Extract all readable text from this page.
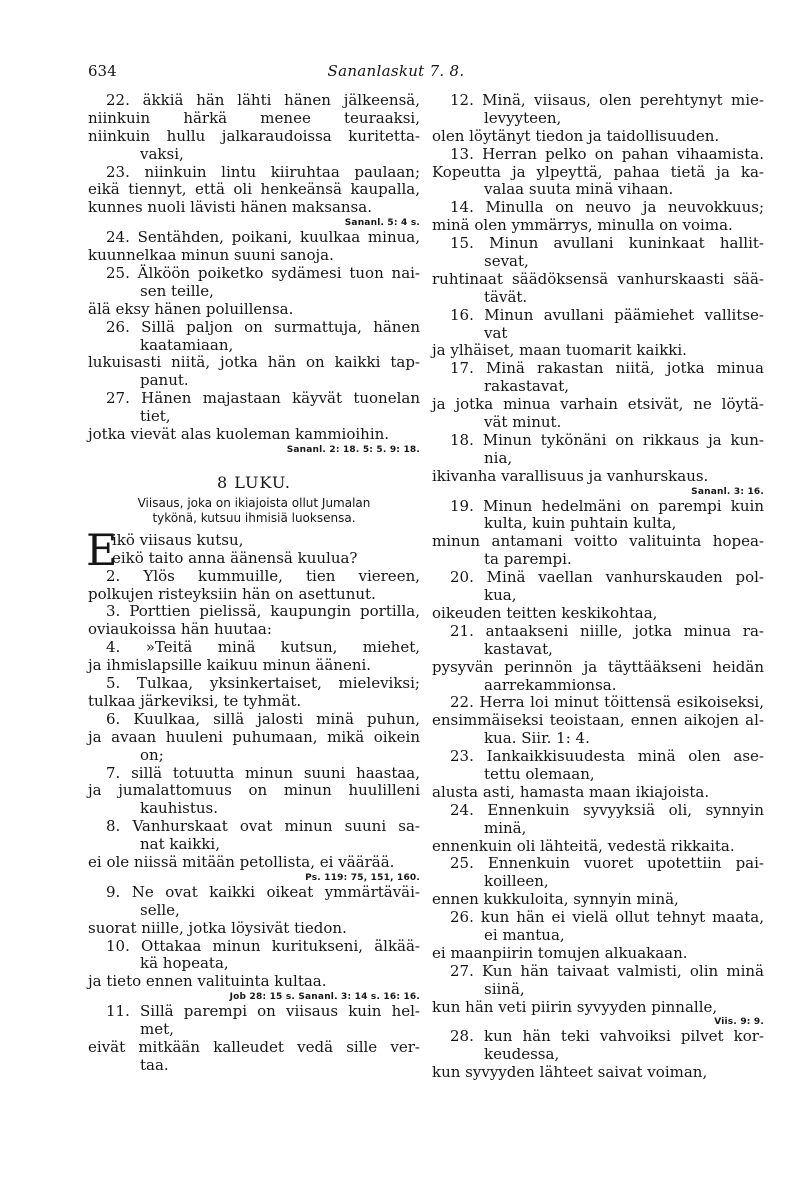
634	Sananlaskut 7. 8.
22. äkkiä hän lähti hänen jälkeensä,
niinkuin härkä menee teuraaksi,
niinkuin hullu jalkaraudoissa kuritetta-
vaksi,
23. niinkuin lintu kiiruhtaa paulaan;
eikä tiennyt, että oli henkeänsä kaupalla,
kunnes nuoli lävisti hänen maksansa.
Sananl. 5: 4 s.
24. Sentähden, poikani, kuulkaa minua,
kuunnelkaa minun suuni sanoja.
25. Älköön poiketko sydämesi tuon nai-
sen teille,
älä eksy hänen poluillensa.
26. Sillä paljon on surmattuja, hänen
kaatamiaan,
lukuisasti niitä, jotka hän on kaikki tap-
panut.
27. Hänen majastaan käyvät tuonelan
tiet,
jotka vievät alas kuoleman kammioihin.
Sananl. 2: 18. 5: 5. 9: 18.
8 LUKU.
Viisaus, joka on ikiajoista ollut Jumalan
tykönä, kutsuu ihmisiä luoksensa.
E
ikö viisaus kutsu,
eikö taito anna äänensä kuulua?
2. Ylös kummuille, tien viereen,
polkujen risteyksiin hän on asettunut.
3. Porttien pielissä, kaupungin portilla,
oviaukoissa hän huutaa:
4. »Teitä minä kutsun, miehet,
ja ihmislapsille kaikuu minun ääneni.
5. Tulkaa, yksinkertaiset, mieleviksi;
tulkaa järkeviksi, te tyhmät.
6. Kuulkaa, sillä jalosti minä puhun,
ja avaan huuleni puhumaan, mikä oikein
on;
7. sillä totuutta minun suuni haastaa,
ja jumalattomuus on minun huulilleni
kauhistus.
8. Vanhurskaat ovat minun suuni sa-
nat kaikki,
ei ole niissä mitään petollista, ei väärää.
Ps. 119: 75, 151, 160.
9. Ne ovat kaikki oikeat ymmärtäväi-
selle,
suorat niille, jotka löysivät tiedon.
10. Ottakaa minun kuritukseni, älkää-
kä hopeata,
ja tieto ennen valituinta kultaa.
Job 28: 15 s. Sananl. 3: 14 s. 16: 16.
11. Sillä parempi on viisaus kuin hel-
met,
eivät mitkään kalleudet vedä sille ver-
taa.
12. Minä, viisaus, olen perehtynyt mie-
levyyteen,
olen löytänyt tiedon ja taidollisuuden.
13. Herran pelko on pahan vihaamista.
Kopeutta ja ylpeyttä, pahaa tietä ja ka-
valaa suuta minä vihaan.
14. Minulla on neuvo ja neuvokkuus;
minä olen ymmärrys, minulla on voima.
15. Minun avullani kuninkaat hallit-
sevat,
ruhtinaat säädöksensä vanhurskaasti sää-
tävät.
16. Minun avullani päämiehet vallitse-
vat
ja ylhäiset, maan tuomarit kaikki.
17. Minä rakastan niitä, jotka minua
rakastavat,
ja jotka minua varhain etsivät, ne löytä-
vät minut.
18. Minun tykönäni on rikkaus ja kun-
nia,
ikivanha varallisuus ja vanhurskaus.
Sananl. 3: 16.
19. Minun hedelmäni on parempi kuin
kulta, kuin puhtain kulta,
minun antamani voitto valituinta hopea-
ta parempi.
20. Minä vaellan vanhurskauden pol-
kua,
oikeuden teitten keskikohtaa,
21. antaakseni niille, jotka minua ra-
kastavat,
pysyvän perinnön ja täyttääkseni heidän
aarrekammionsa.
22. Herra loi minut töittensä esikoiseksi,
ensimmäiseksi teoistaan, ennen aikojen al-
kua. Siir. 1: 4.
23. Iankaikkisuudesta minä olen ase-
tettu olemaan,
alusta asti, hamasta maan ikiajoista.
24. Ennenkuin syvyyksiä oli, synnyin
minä,
ennenkuin oli lähteitä, vedestä rikkaita.
25. Ennenkuin vuoret upotettiin pai-
koilleen,
ennen kukkuloita, synnyin minä,
26. kun hän ei vielä ollut tehnyt maata,
ei mantua,
ei maanpiirin tomujen alkuakaan.
27. Kun hän taivaat valmisti, olin minä
siinä,
kun hän veti piirin syvyyden pinnalle,
Viis. 9: 9.
28. kun hän teki vahvoiksi pilvet kor-
keudessa,
kun syvyyden lähteet saivat voiman,
